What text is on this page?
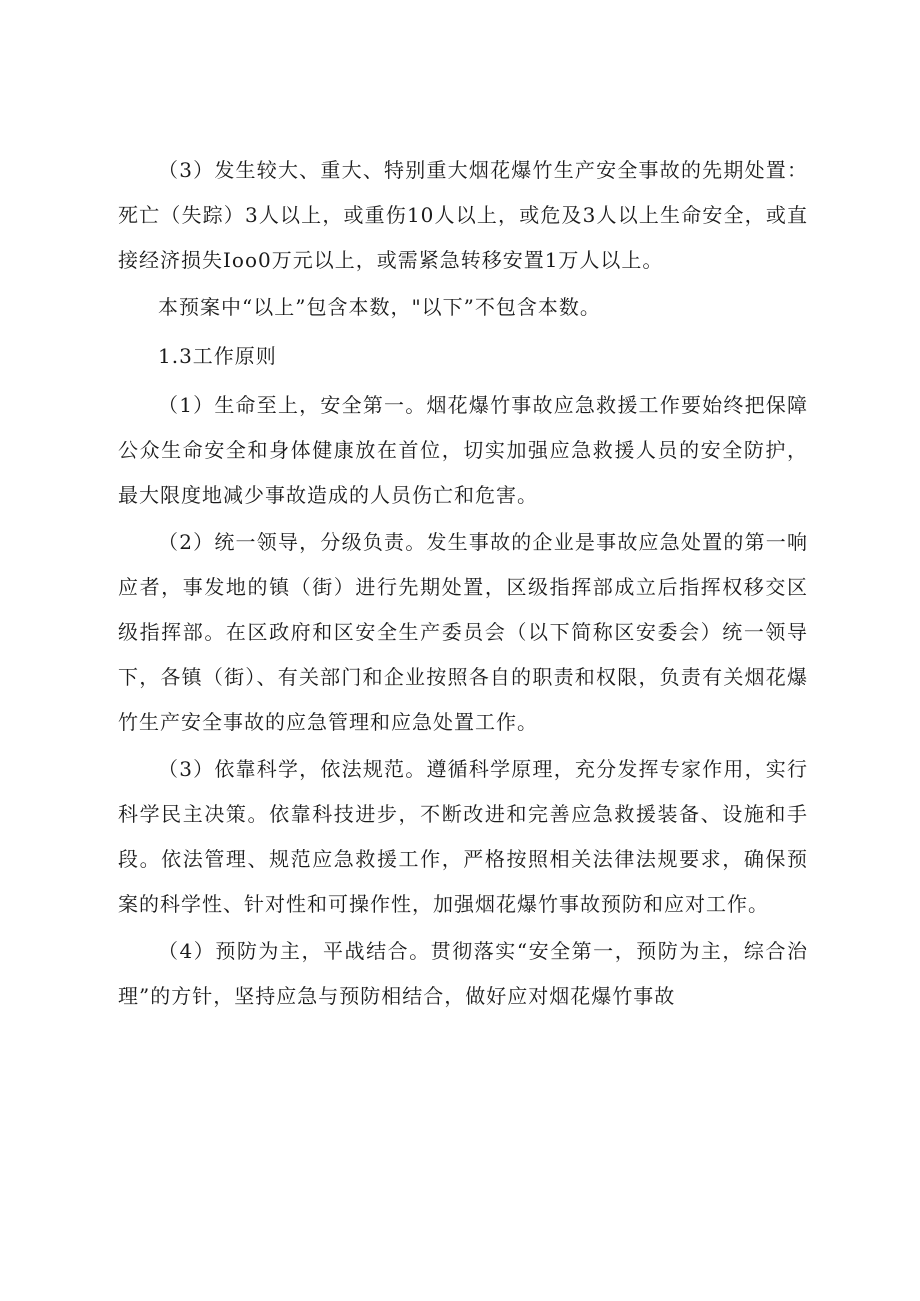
（3）发生较大、重大、特别重大烟花爆竹生产安全事故的先期处置：死亡（失踪）3人以上，或重伤10人以上，或危及3人以上生命安全，或直接经济损失Ioo0万元以上，或需紧急转移安置1万人以上。

本预案中“以上”包含本数，"以下”不包含本数。

1.3工作原则

（1）生命至上，安全第一。烟花爆竹事故应急救援工作要始终把保障公众生命安全和身体健康放在首位，切实加强应急救援人员的安全防护，最大限度地减少事故造成的人员伤亡和危害。

（2）统一领导，分级负责。发生事故的企业是事故应急处置的第一响应者，事发地的镇（街）进行先期处置，区级指挥部成立后指挥权移交区级指挥部。在区政府和区安全生产委员会（以下简称区安委会）统一领导下，各镇（街）、有关部门和企业按照各自的职责和权限，负责有关烟花爆竹生产安全事故的应急管理和应急处置工作。

（3）依靠科学，依法规范。遵循科学原理，充分发挥专家作用，实行科学民主决策。依靠科技进步，不断改进和完善应急救援装备、设施和手段。依法管理、规范应急救援工作，严格按照相关法律法规要求，确保预案的科学性、针对性和可操作性，加强烟花爆竹事故预防和应对工作。

（4）预防为主，平战结合。贯彻落实“安全第一，预防为主，综合治理”的方针，坚持应急与预防相结合，做好应对烟花爆竹事故
